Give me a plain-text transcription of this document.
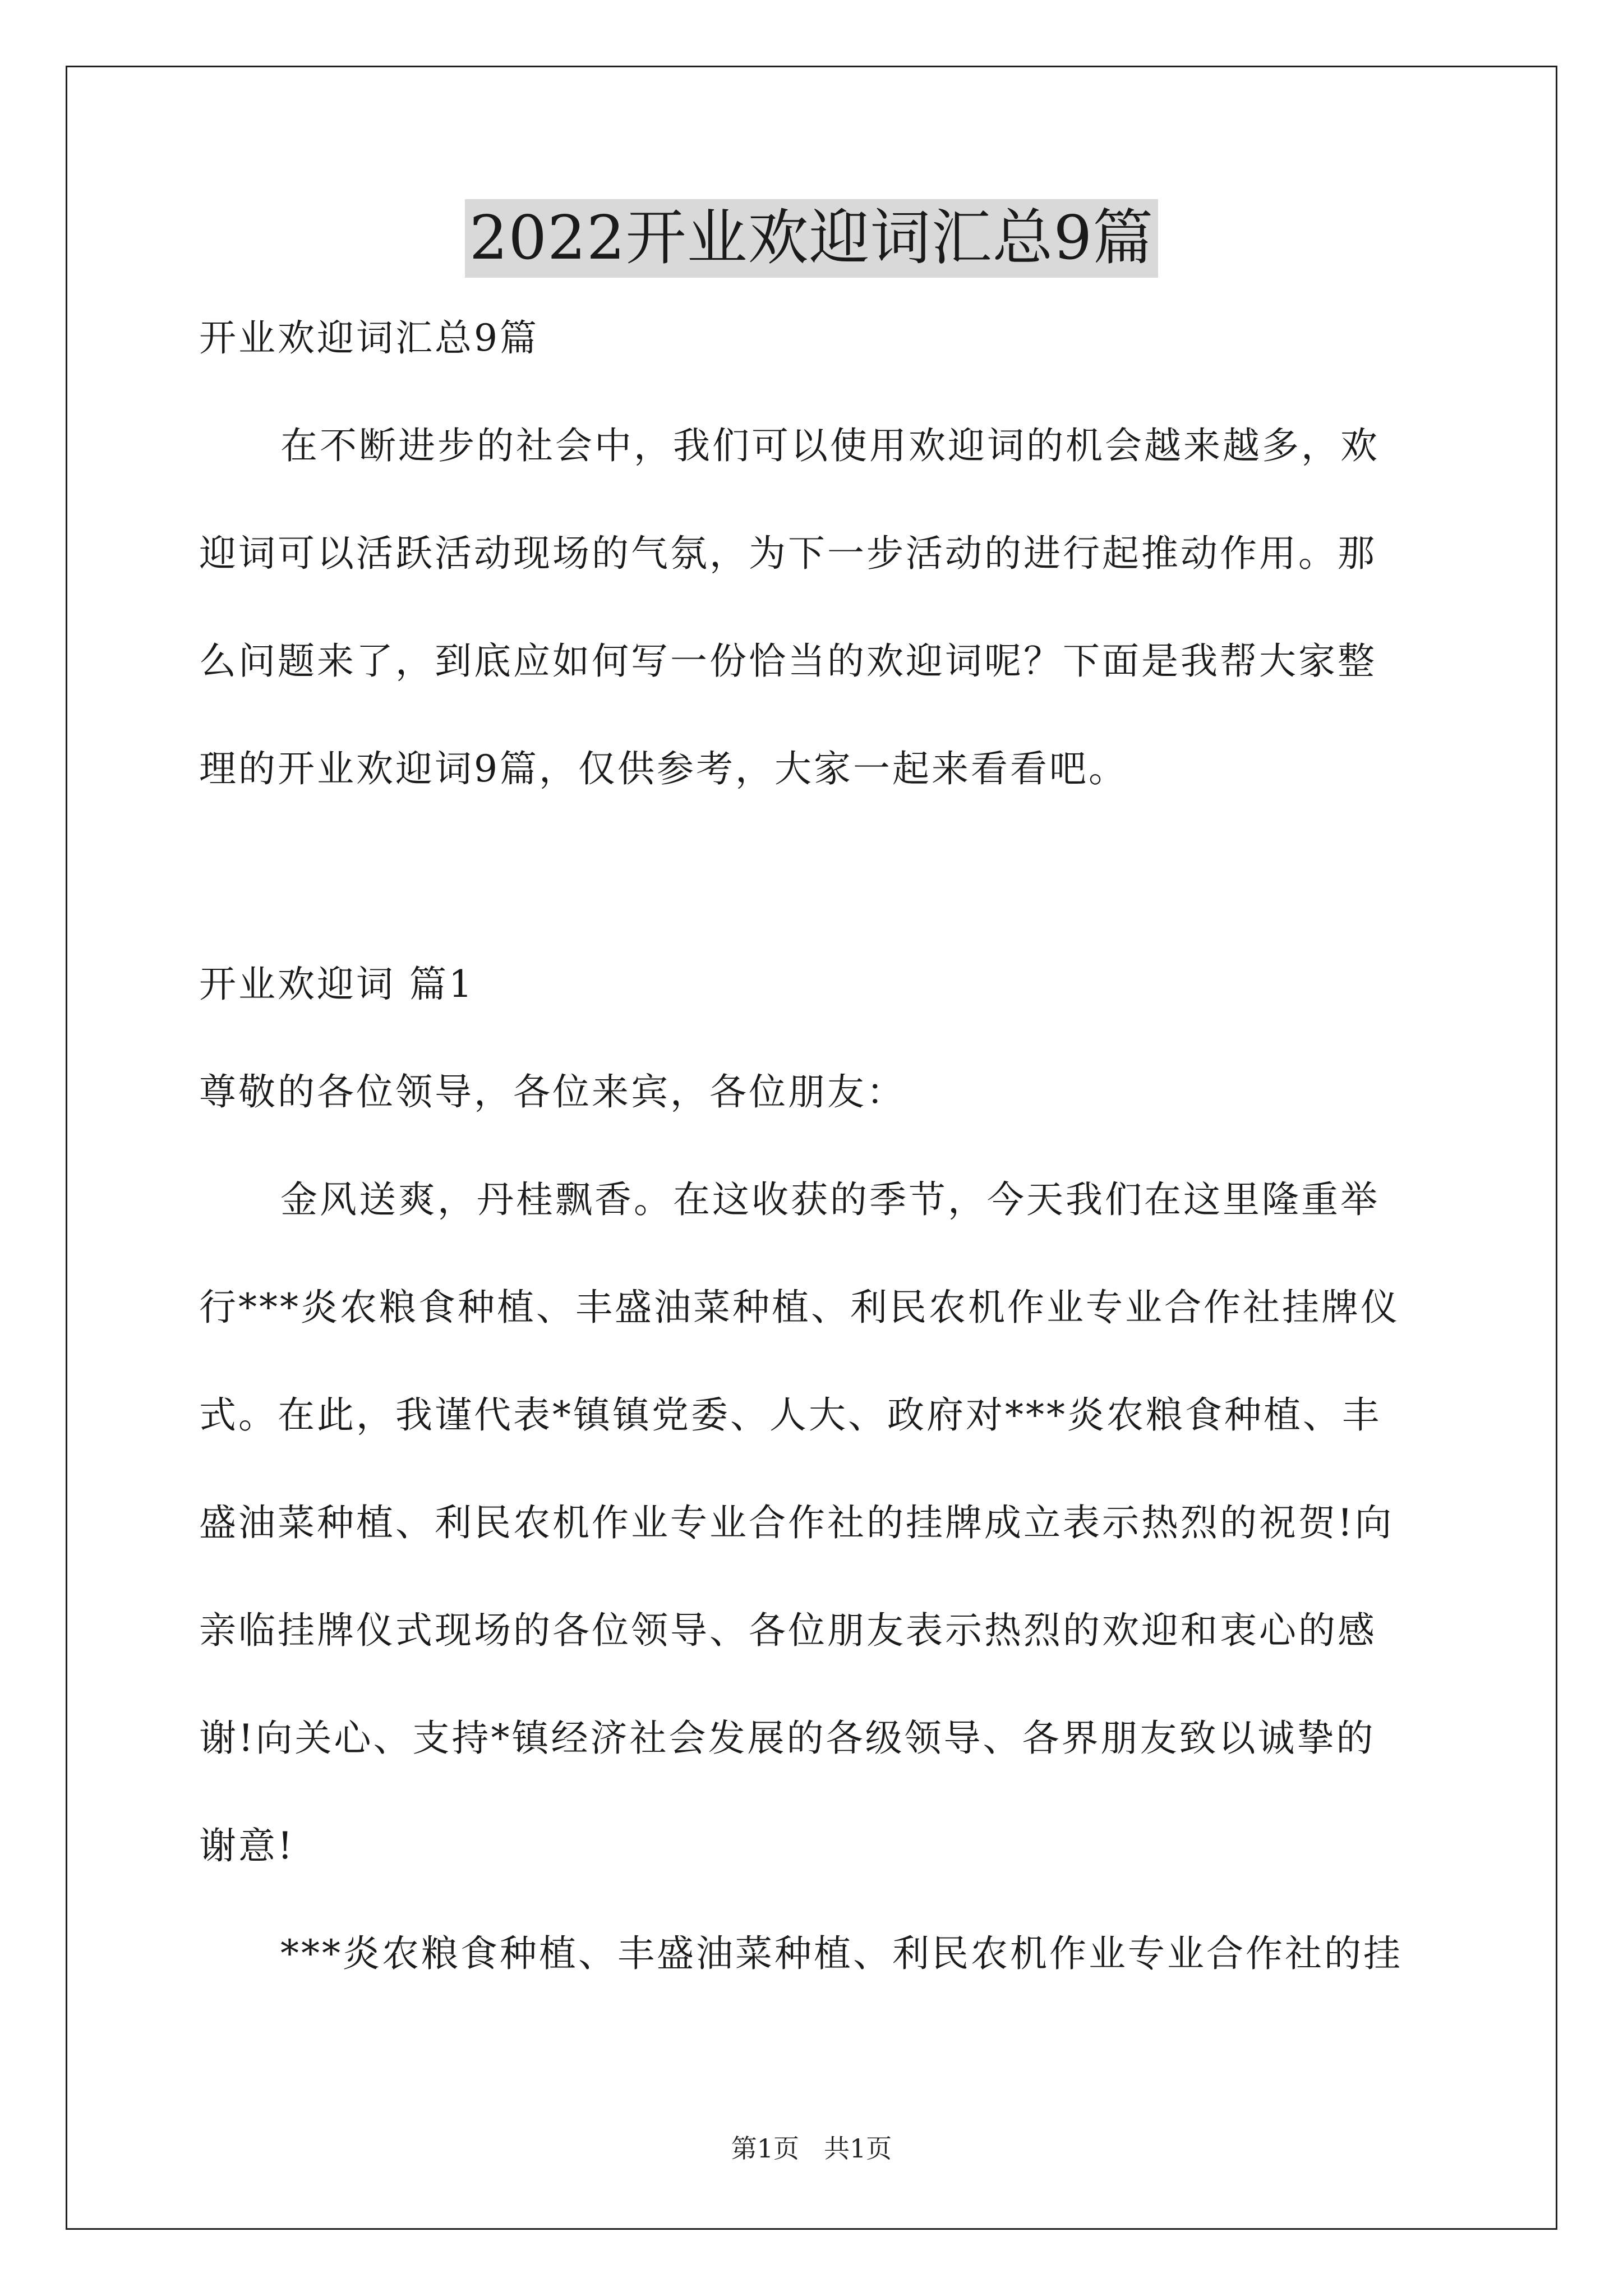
2022开业欢迎词汇总9篇

开业欢迎词汇总9篇

在不断进步的社会中，我们可以使用欢迎词的机会越来越多，欢

迎词可以活跃活动现场的气氛，为下一步活动的进行起推动作用。那

么问题来了，到底应如何写一份恰当的欢迎词呢？下面是我帮大家整

理的开业欢迎词9篇，仅供参考，大家一起来看看吧。

开业欢迎词 篇1

尊敬的各位领导，各位来宾，各位朋友：

金风送爽，丹桂飘香。在这收获的季节，今天我们在这里隆重举

行***炎农粮食种植、丰盛油菜种植、利民农机作业专业合作社挂牌仪

式。在此，我谨代表*镇镇党委、人大、政府对***炎农粮食种植、丰

盛油菜种植、利民农机作业专业合作社的挂牌成立表示热烈的祝贺!向

亲临挂牌仪式现场的各位领导、各位朋友表示热烈的欢迎和衷心的感

谢!向关心、支持*镇经济社会发展的各级领导、各界朋友致以诚挚的

谢意!

***炎农粮食种植、丰盛油菜种植、利民农机作业专业合作社的挂

第1页 共1页
